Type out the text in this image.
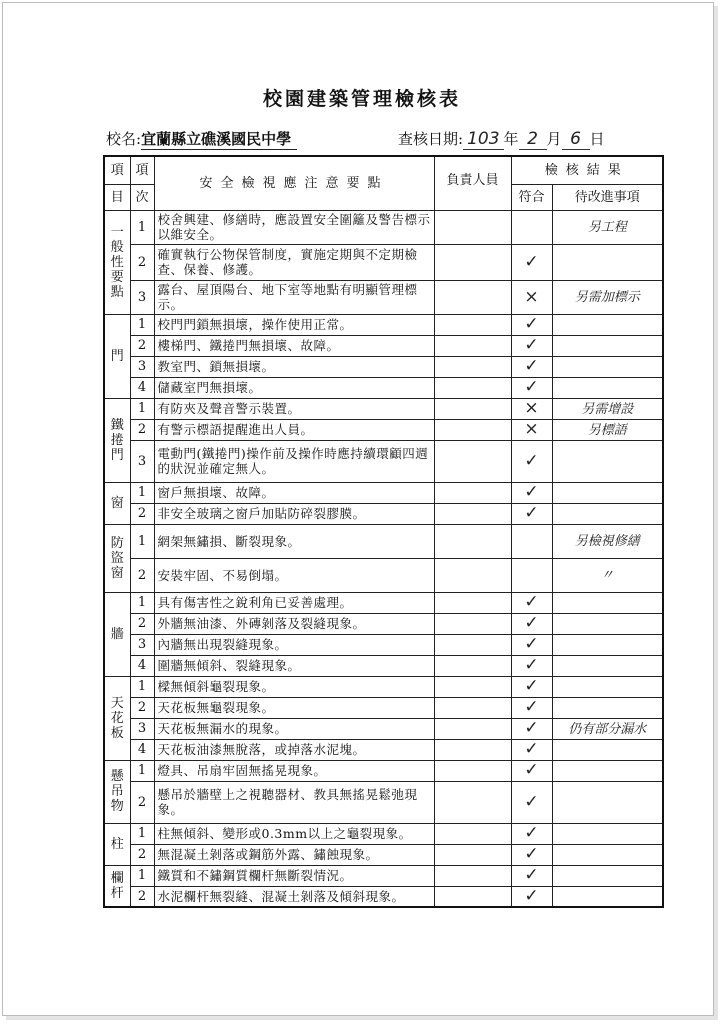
校園建築管理檢核表
校名:宜蘭縣立礁溪國民中學	查核日期: 103 年 2 月 6 日
項	項	安全檢視應注意要點	負責人員	檢核結果	
目	次			符合	待改進事項
一
般
性
要
點	1	校舍興建、修繕時，應設置安全圍籬及警告標示以維安全。			另工程
	2	確實執行公物保管制度，實施定期與不定期檢查、保養、修護。		✓	
	3	露台、屋頂陽台、地下室等地點有明顯管理標示。		×	另需加標示
門	1	校門門鎖無損壞，操作使用正常。		✓	
	2	樓梯門、鐵捲門無損壞、故障。		✓	
	3	教室門、鎖無損壞。		✓	
	4	儲藏室門無損壞。		✓	
鐵
捲
門	1	有防夾及聲音警示裝置。		×	另需增設
	2	有警示標語提醒進出人員。		×	另標語
	3	電動門(鐵捲門)操作前及操作時應持續環顧四週的狀況並確定無人。		✓	
窗	1	窗戶無損壞、故障。		✓	
	2	非安全玻璃之窗戶加貼防碎裂膠膜。		✓	
防
盜
窗	1	網架無鏽損、斷裂現象。			另檢視修繕
	2	安裝牢固、不易倒塌。			〃
牆	1	具有傷害性之銳利角已妥善處理。		✓	
	2	外牆無油漆、外磚剝落及裂縫現象。		✓	
	3	內牆無出現裂縫現象。		✓	
	4	圍牆無傾斜、裂縫現象。		✓	
天
花
板	1	樑無傾斜龜裂現象。		✓	
	2	天花板無龜裂現象。		✓	
	3	天花板無漏水的現象。		✓	仍有部分漏水
	4	天花板油漆無脫落，或掉落水泥塊。		✓	
懸
吊
物	1	燈具、吊扇牢固無搖晃現象。		✓	
	2	懸吊於牆壁上之視聽器材、教具無搖晃鬆弛現象。		✓	
柱	1	柱無傾斜、變形或0.3mm以上之龜裂現象。		✓	
	2	無混凝土剝落或鋼筋外露、鏽蝕現象。		✓	
欄
杆	1	鐵質和不鏽鋼質欄杆無斷裂情況。		✓	
	2	水泥欄杆無裂縫、混凝土剝落及傾斜現象。		✓	
